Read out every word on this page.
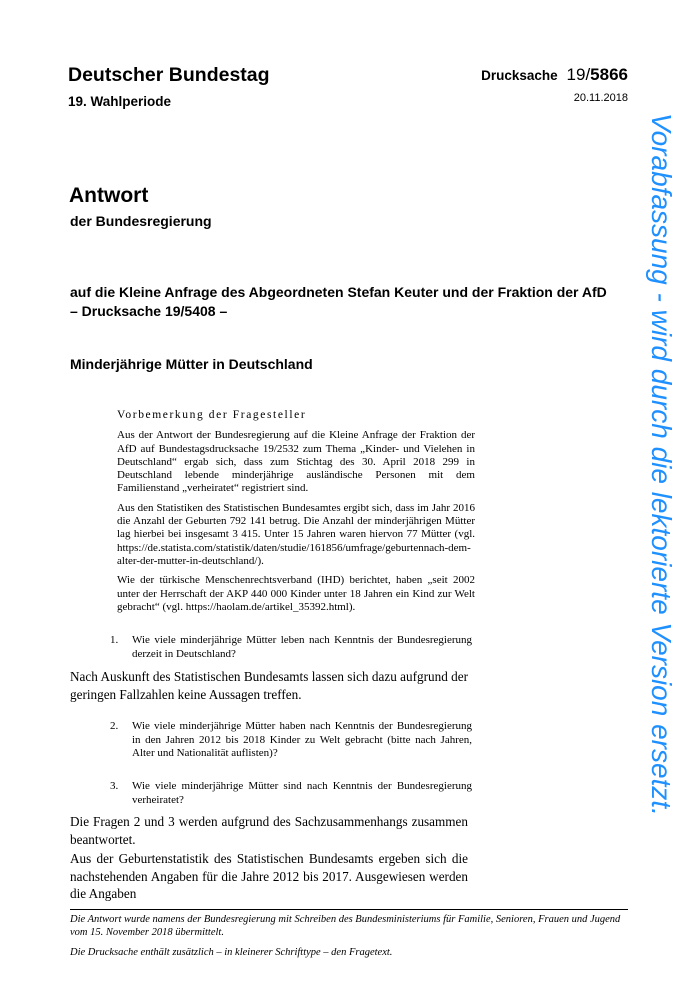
Deutscher Bundestag
19. Wahlperiode
Drucksache 19/5866
20.11.2018
Antwort
der Bundesregierung
auf die Kleine Anfrage des Abgeordneten Stefan Keuter und der Fraktion der AfD
– Drucksache 19/5408 –
Minderjährige Mütter in Deutschland
Vorbemerkung der Fragesteller

Aus der Antwort der Bundesregierung auf die Kleine Anfrage der Fraktion der AfD auf Bundestagsdrucksache 19/2532 zum Thema „Kinder- und Vielehen in Deutschland“ ergab sich, dass zum Stichtag des 30. April 2018 299 in Deutschland lebende minderjährige ausländische Personen mit dem Familienstand „verheiratet“ registriert sind.

Aus den Statistiken des Statistischen Bundesamtes ergibt sich, dass im Jahr 2016 die Anzahl der Geburten 792 141 betrug. Die Anzahl der minderjährigen Mütter lag hierbei bei insgesamt 3 415. Unter 15 Jahren waren hiervon 77 Mütter (vgl. https://de.statista.com/statistik/daten/studie/161856/umfrage/geburtennach-dem-alter-der-mutter-in-deutschland/).

Wie der türkische Menschenrechtsverband (IHD) berichtet, haben „seit 2002 unter der Herrschaft der AKP 440 000 Kinder unter 18 Jahren ein Kind zur Welt gebracht“ (vgl. https://haolam.de/artikel_35392.html).

1.	Wie viele minderjährige Mütter leben nach Kenntnis der Bundesregierung derzeit in Deutschland?

Nach Auskunft des Statistischen Bundesamts lassen sich dazu aufgrund der geringen Fallzahlen keine Aussagen treffen.

2.	Wie viele minderjährige Mütter haben nach Kenntnis der Bundesregierung in den Jahren 2012 bis 2018 Kinder zu Welt gebracht (bitte nach Jahren, Alter und Nationalität auflisten)?
3.	Wie viele minderjährige Mütter sind nach Kenntnis der Bundesregierung verheiratet?

Die Fragen 2 und 3 werden aufgrund des Sachzusammenhangs zusammen beantwortet.

Aus der Geburtenstatistik des Statistischen Bundesamts ergeben sich die nachstehenden Angaben für die Jahre 2012 bis 2017. Ausgewiesen werden die Angaben

Die Antwort wurde namens der Bundesregierung mit Schreiben des Bundesministeriums für Familie, Senioren, Frauen und Jugend vom 15. November 2018 übermittelt.

Die Drucksache enthält zusätzlich – in kleinerer Schrifttype – den Fragetext.

Vorabfassung - wird durch die lektorierte Version ersetzt.
